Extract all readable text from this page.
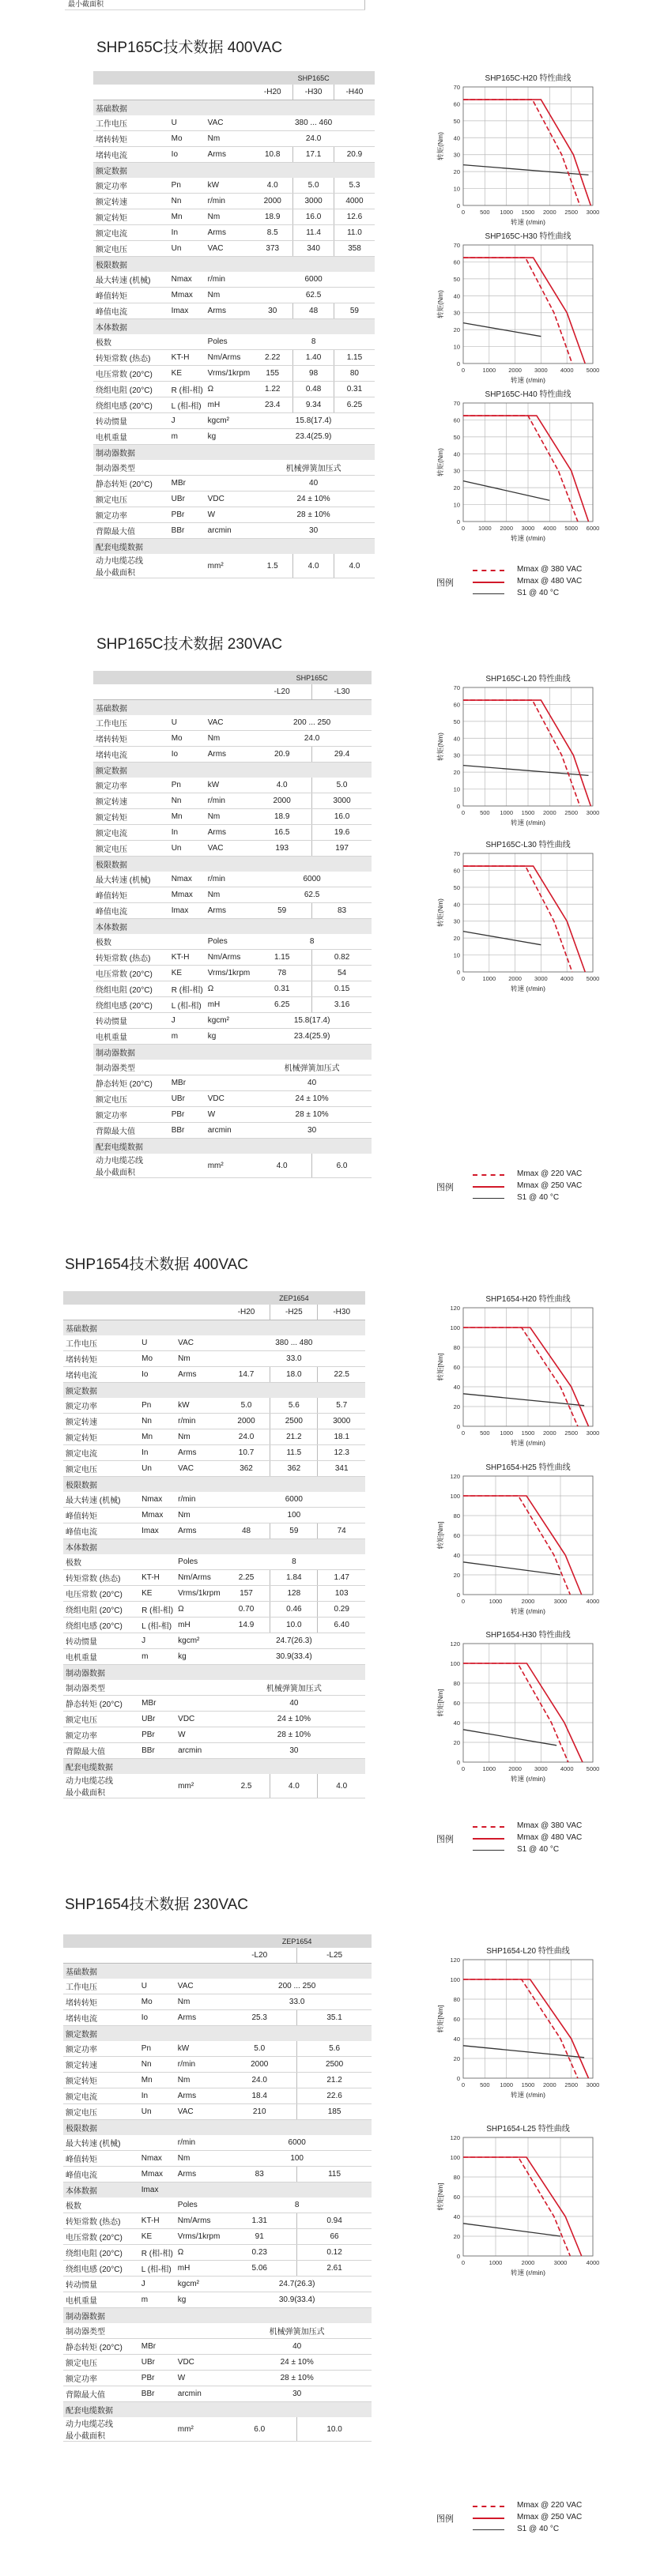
最小截面积
SHP165C技术数据 400VAC
			SHP165C		
			-H20	-H30	-H40
基础数据					
工作电压	U	VAC	380 ... 460		
堵转转矩	Mo	Nm	24.0		
堵转电流	Io	Arms	10.8	17.1	20.9
额定数据					
额定功率	Pn	kW	4.0	5.0	5.3
额定转速	Nn	r/min	2000	3000	4000
额定转矩	Mn	Nm	18.9	16.0	12.6
额定电流	In	Arms	8.5	11.4	11.0
额定电压	Un	VAC	373	340	358
极限数据					
最大转速 (机械)	Nmax	r/min	6000		
峰值转矩	Mmax	Nm	62.5		
峰值电流	Imax	Arms	30	48	59
本体数据					
极数		Poles	8		
转矩常数 (热态)	KT-H	Nm/Arms	2.22	1.40	1.15
电压常数 (20°C)	KE	Vrms/1krpm	155	98	80
绕组电阻 (20°C)	R (相-相)	Ω	1.22	0.48	0.31
绕组电感 (20°C)	L (相-相)	mH	23.4	9.34	6.25
转动惯量	J	kgcm²	15.8(17.4)		
电机重量	m	kg	23.4(25.9)		
制动器数据					
制动器类型			机械弹簧加压式		
静态转矩 (20°C)	MBr		40		
额定电压	UBr	VDC	24 ± 10%		
额定功率	PBr	W	28 ± 10%		
背隙最大值	BBr	arcmin	30		
配套电缆数据					
动力电缆芯线
最小截面积		mm²	1.5	4.0	4.0
SHP165C-H20 特性曲线
0	500 1000 1500 2000 2500 3000
0
10
20
30
40
50
60
70
转矩(Nm)
转速 (r/min)
SHP165C-H30 特性曲线
0	1000 2000 3000 4000 5000
0
10
20
30
40
50
60
70
转矩(Nm)
转速 (r/min)
SHP165C-H40 特性曲线
0 1000 2000 3000 4000 5000 6000
0
10
20
30
40
50
60
70
转矩(Nm)
转速 (r/min)
图例
Mmax @ 380 VAC
Mmax @ 480 VAC
S1 @ 40 °C
SHP165C技术数据 230VAC
			SHP165C	
			-L20	-L30
基础数据				
工作电压	U	VAC	200 ... 250	
堵转转矩	Mo	Nm	24.0	
堵转电流	Io	Arms	20.9	29.4
额定数据				
额定功率	Pn	kW	4.0	5.0
额定转速	Nn	r/min	2000	3000
额定转矩	Mn	Nm	18.9	16.0
额定电流	In	Arms	16.5	19.6
额定电压	Un	VAC	193	197
极限数据				
最大转速 (机械)	Nmax	r/min	6000	
峰值转矩	Mmax	Nm	62.5	
峰值电流	Imax	Arms	59	83
本体数据				
极数		Poles	8	
转矩常数 (热态)	KT-H	Nm/Arms	1.15	0.82
电压常数 (20°C)	KE	Vrms/1krpm	78	54
绕组电阻 (20°C)	R (相-相)	Ω	0.31	0.15
绕组电感 (20°C)	L (相-相)	mH	6.25	3.16
转动惯量	J	kgcm²	15.8(17.4)	
电机重量	m	kg	23.4(25.9)	
制动器数据				
制动器类型			机械弹簧加压式	
静态转矩 (20°C)	MBr		40	
额定电压	UBr	VDC	24 ± 10%	
额定功率	PBr	W	28 ± 10%	
背隙最大值	BBr	arcmin	30	
配套电缆数据				
动力电缆芯线
最小截面积		mm²	4.0	6.0
SHP165C-L20 特性曲线
0	500 1000 1500 2000 2500 3000
0
10
20
30
40
50
60
70
转矩(Nm)
转速 (r/min)
SHP165C-L30 特性曲线
0	1000 2000 3000 4000 5000
0
10
20
30
40
50
60
70
转矩(Nm)
转速 (r/min)
图例
Mmax @ 220 VAC
Mmax @ 250 VAC
S1 @ 40 °C
SHP1654技术数据 400VAC
			ZEP1654		
			-H20	-H25	-H30
基础数据					
工作电压	U	VAC	380 ... 480		
堵转转矩	Mo	Nm	33.0		
堵转电流	Io	Arms	14.7	18.0	22.5
额定数据					
额定功率	Pn	kW	5.0	5.6	5.7
额定转速	Nn	r/min	2000	2500	3000
额定转矩	Mn	Nm	24.0	21.2	18.1
额定电流	In	Arms	10.7	11.5	12.3
额定电压	Un	VAC	362	362	341
极限数据					
最大转速 (机械)	Nmax	r/min	6000		
峰值转矩	Mmax	Nm	100		
峰值电流	Imax	Arms	48	59	74
本体数据					
极数		Poles	8		
转矩常数 (热态)	KT-H	Nm/Arms	2.25	1.84	1.47
电压常数 (20°C)	KE	Vrms/1krpm	157	128	103
绕组电阻 (20°C)	R (相-相)	Ω	0.70	0.46	0.29
绕组电感 (20°C)	L (相-相)	mH	14.9	10.0	6.40
转动惯量	J	kgcm²	24.7(26.3)		
电机重量	m	kg	30.9(33.4)		
制动器数据					
制动器类型			机械弹簧加压式		
静态转矩 (20°C)	MBr		40		
额定电压	UBr	VDC	24 ± 10%		
额定功率	PBr	W	28 ± 10%		
背隙最大值	BBr	arcmin	30		
配套电缆数据					
动力电缆芯线
最小截面积		mm²	2.5	4.0	4.0
SHP1654-H20 特性曲线
0	500 1000 1500 2000 2500 3000
0
20
40
60
80
100
120
转矩[Nm]
转速 (r/min)
SHP1654-H25 特性曲线
0	1000	2000	3000	4000
0
20
40
60
80
100
120
转矩[Nm]
转速 (r/min)
SHP1654-H30 特性曲线
0	1000 2000 3000 4000 5000
0
20
40
60
80
100
120
转矩[Nm]
转速 (r/min)
图例
Mmax @ 380 VAC
Mmax @ 480 VAC
S1 @ 40 °C
SHP1654技术数据 230VAC
			ZEP1654	
			-L20	-L25
基础数据				
工作电压	U	VAC	200 ... 250	
堵转转矩	Mo	Nm	33.0	
堵转电流	Io	Arms	25.3	35.1
额定数据				
额定功率	Pn	kW	5.0	5.6
额定转速	Nn	r/min	2000	2500
额定转矩	Mn	Nm	24.0	21.2
额定电流	In	Arms	18.4	22.6
额定电压	Un	VAC	210	185
极限数据				
最大转速 (机械)		r/min	6000	
峰值转矩	Nmax	Nm	100	
峰值电流	Mmax	Arms	83	115
本体数据	Imax			
极数		Poles	8	
转矩常数 (热态)	KT-H	Nm/Arms	1.31	0.94
电压常数 (20°C)	KE	Vrms/1krpm	91	66
绕组电阻 (20°C)	R (相-相)	Ω	0.23	0.12
绕组电感 (20°C)	L (相-相)	mH	5.06	2.61
转动惯量	J	kgcm²	24.7(26.3)	
电机重量	m	kg	30.9(33.4)	
制动器数据				
制动器类型			机械弹簧加压式	
静态转矩 (20°C)	MBr		40	
额定电压	UBr	VDC	24 ± 10%	
额定功率	PBr	W	28 ± 10%	
背隙最大值	BBr	arcmin	30	
配套电缆数据				
动力电缆芯线
最小截面积		mm²	6.0	10.0
SHP1654-L20 特性曲线
0	500 1000 1500 2000 2500 3000
0
20
40
60
80
100
120
转矩[Nm]
转速 (r/min)
SHP1654-L25 特性曲线
0	1000	2000	3000	4000
0
20
40
60
80
100
120
转矩[Nm]
转速 (r/min)
图例
Mmax @ 220 VAC
Mmax @ 250 VAC
S1 @ 40 °C
